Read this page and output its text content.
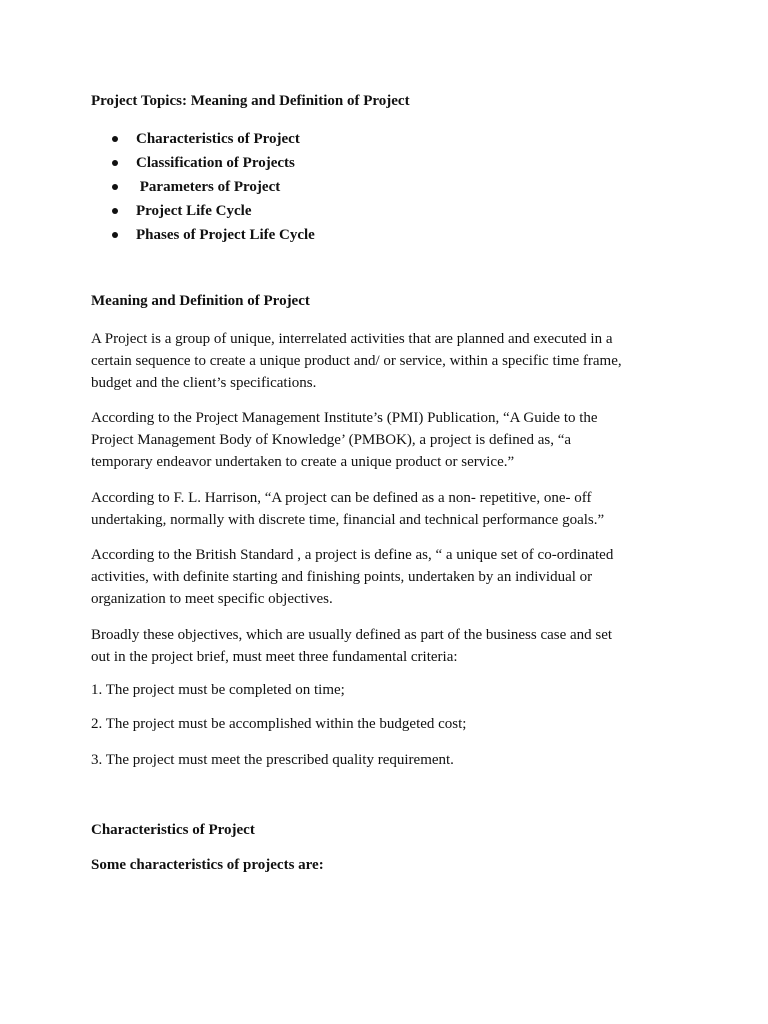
Project Topics: Meaning and Definition of Project

Characteristics of Project
Classification of Projects
Parameters of Project
Project Life Cycle
Phases of Project Life Cycle

Meaning and Definition of Project

A Project is a group of unique, interrelated activities that are planned and executed in a
certain sequence to create a unique product and/ or service, within a specific time frame,
budget and the client’s specifications.

According to the Project Management Institute’s (PMI) Publication, “A Guide to the
Project Management Body of Knowledge’ (PMBOK), a project is defined as, “a
temporary endeavor undertaken to create a unique product or service.”

According to F. L. Harrison, “A project can be defined as a non- repetitive, one- off
undertaking, normally with discrete time, financial and technical performance goals.”

According to the British Standard , a project is define as, “ a unique set of co-ordinated
activities, with definite starting and finishing points, undertaken by an individual or
organization to meet specific objectives.

Broadly these objectives, which are usually defined as part of the business case and set
out in the project brief, must meet three fundamental criteria:

1. The project must be completed on time;

2. The project must be accomplished within the budgeted cost;

3. The project must meet the prescribed quality requirement.

Characteristics of Project

Some characteristics of projects are:
